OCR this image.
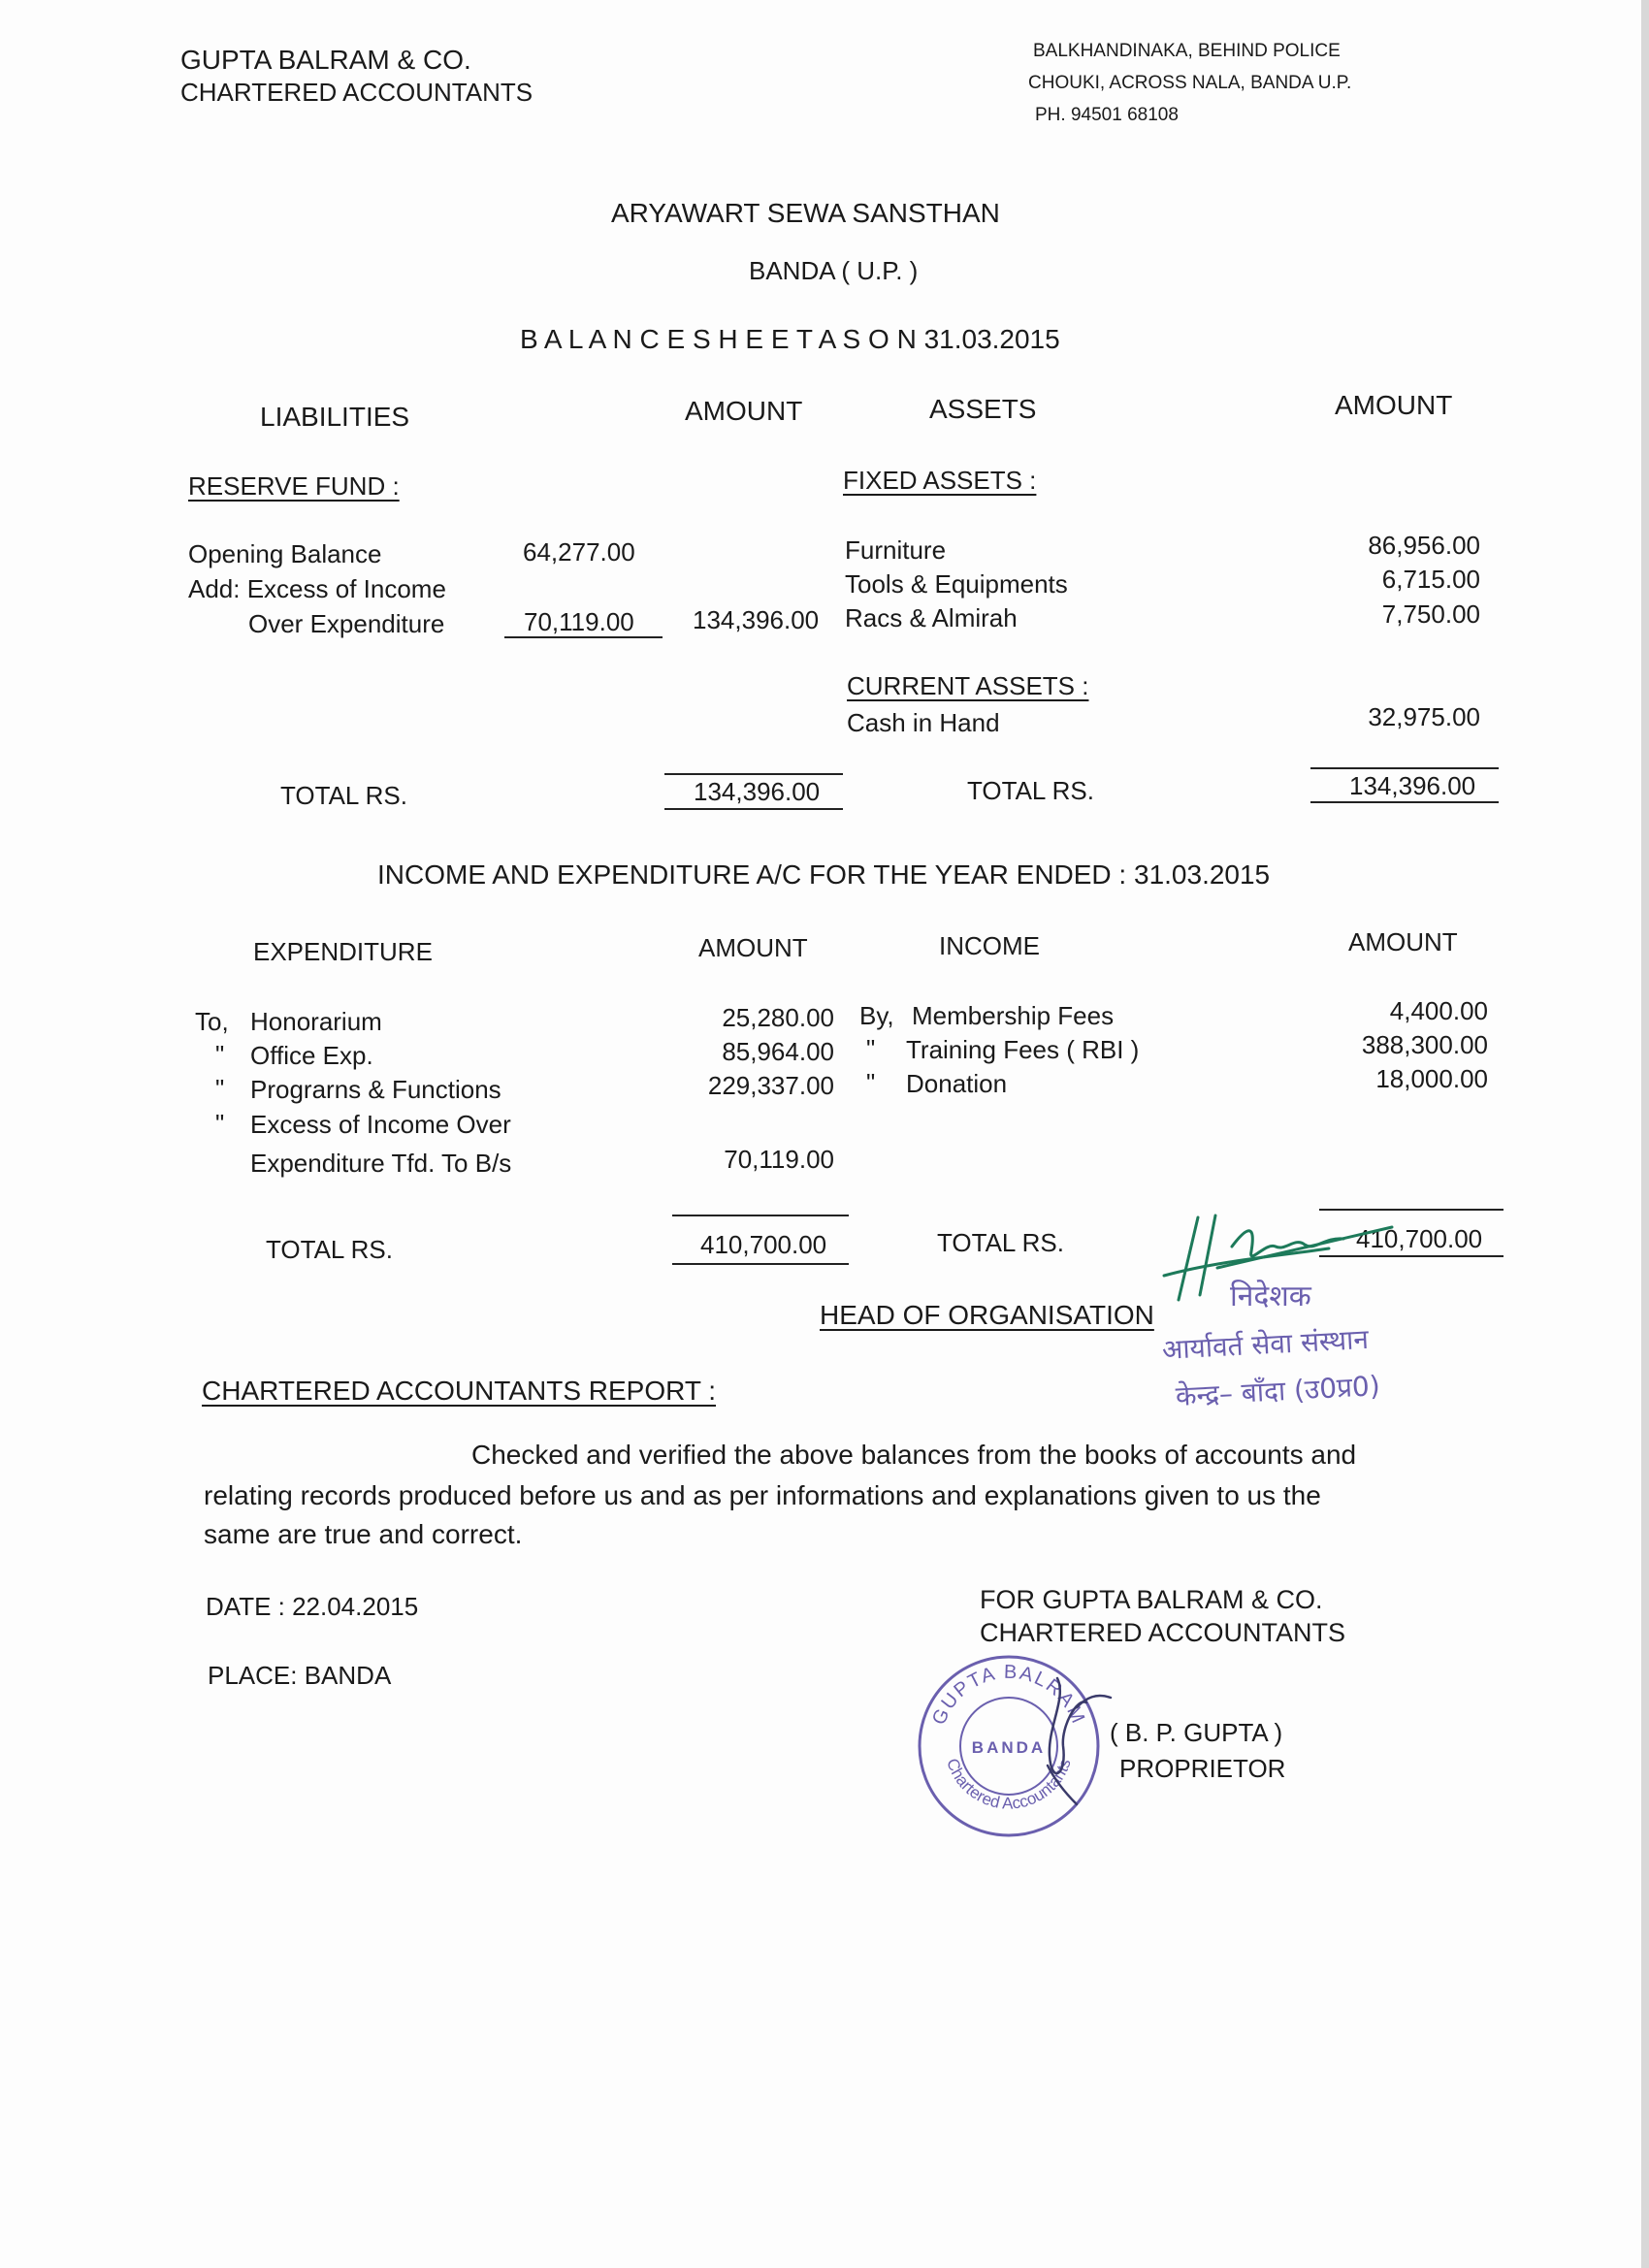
GUPTA BALRAM & CO.
CHARTERED ACCOUNTANTS
BALKHANDINAKA, BEHIND POLICE
CHOUKI, ACROSS NALA, BANDA U.P.
PH. 94501 68108
ARYAWART SEWA SANSTHAN
BANDA ( U.P. )
B A L A N C E S H E E T A S O N 31.03.2015
LIABILITIES	AMOUNT	ASSETS	AMOUNT
RESERVE FUND :	FIXED ASSETS :
Opening Balance	64,277.00
Add: Excess of Income
Over Expenditure	70,119.00 134,396.00
Furniture	86,956.00
Tools & Equipments	6,715.00
Racs & Almirah	7,750.00
CURRENT ASSETS :
Cash in Hand	32,975.00
TOTAL RS.	134,396.00	TOTAL RS.	134,396.00
INCOME AND EXPENDITURE A/C FOR THE YEAR ENDED : 31.03.2015
EXPENDITURE	AMOUNT	INCOME	AMOUNT
To, Honorarium	25,280.00
" Office Exp.	85,964.00
" Prograrns & Functions	229,337.00
" Excess of Income Over
Expenditure Tfd. To B/s	70,119.00
By, Membership Fees	4,400.00
" Training Fees ( RBI )	388,300.00
" Donation	18,000.00
TOTAL RS.	410,700.00	TOTAL RS.	410,700.00
HEAD OF ORGANISATION
निदेशक
आर्यावर्त सेवा संस्थान
केन्द्र– बाँदा (उ0प्र0)
CHARTERED ACCOUNTANTS REPORT :
Checked and verified the above balances from the books of accounts and
relating records produced before us and as per informations and explanations given to us the
same are true and correct.
DATE : 22.04.2015
PLACE: BANDA
FOR GUPTA BALRAM & CO.
CHARTERED ACCOUNTANTS
( B. P. GUPTA )
PROPRIETOR
GUPTA BALRAM
BANDA
Chartered Accountants
